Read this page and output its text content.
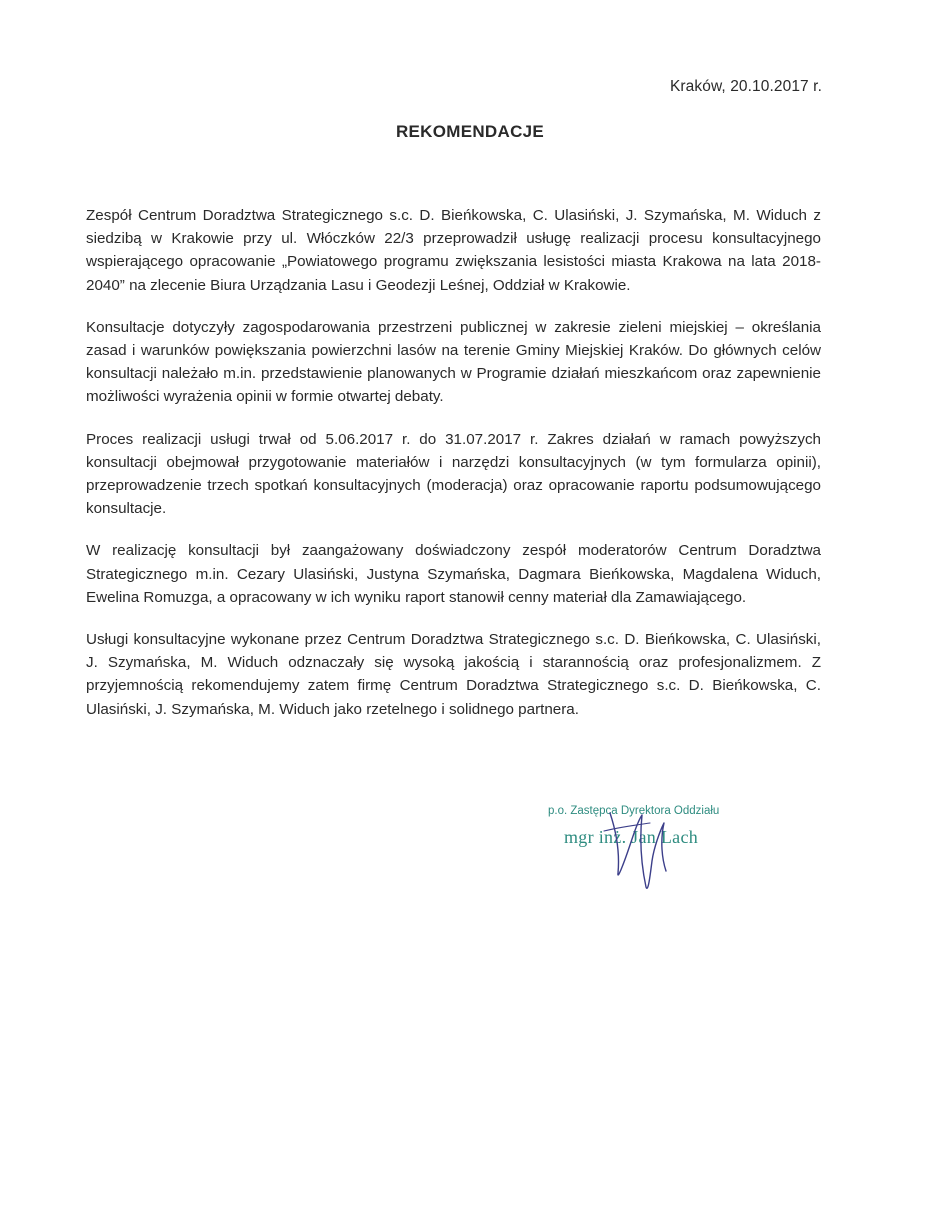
Kraków, 20.10.2017 r.
REKOMENDACJE

Zespół Centrum Doradztwa Strategicznego s.c. D. Bieńkowska, C. Ulasiński, J. Szymańska, M. Widuch z siedzibą w Krakowie przy ul. Włóczków 22/3 przeprowadził usługę realizacji procesu konsultacyjnego wspierającego opracowanie „Powiatowego programu zwiększania lesistości miasta Krakowa na lata 2018-2040” na zlecenie Biura Urządzania Lasu i Geodezji Leśnej, Oddział w Krakowie.

Konsultacje dotyczyły zagospodarowania przestrzeni publicznej w zakresie zieleni miejskiej – określania zasad i warunków powiększania powierzchni lasów na terenie Gminy Miejskiej Kraków. Do głównych celów konsultacji należało m.in. przedstawienie planowanych w Programie działań mieszkańcom oraz zapewnienie możliwości wyrażenia opinii w formie otwartej debaty.

Proces realizacji usługi trwał od 5.06.2017 r. do 31.07.2017 r. Zakres działań w ramach powyższych konsultacji obejmował przygotowanie materiałów i narzędzi konsultacyjnych (w tym formularza opinii), przeprowadzenie trzech spotkań konsultacyjnych (moderacja) oraz opracowanie raportu podsumowującego konsultacje.

W realizację konsultacji był zaangażowany doświadczony zespół moderatorów Centrum Doradztwa Strategicznego m.in. Cezary Ulasiński, Justyna Szymańska, Dagmara Bieńkowska, Magdalena Widuch, Ewelina Romuzga, a opracowany w ich wyniku raport stanowił cenny materiał dla Zamawiającego.

Usługi konsultacyjne wykonane przez Centrum Doradztwa Strategicznego s.c. D. Bieńkowska, C. Ulasiński, J. Szymańska, M. Widuch odznaczały się wysoką jakością i starannością oraz profesjonalizmem. Z przyjemnością rekomendujemy zatem firmę Centrum Doradztwa Strategicznego s.c. D. Bieńkowska, C. Ulasiński, J. Szymańska, M. Widuch jako rzetelnego i solidnego partnera.

p.o. Zastępca Dyrektora Oddziału
mgr inż. Jan Lach
